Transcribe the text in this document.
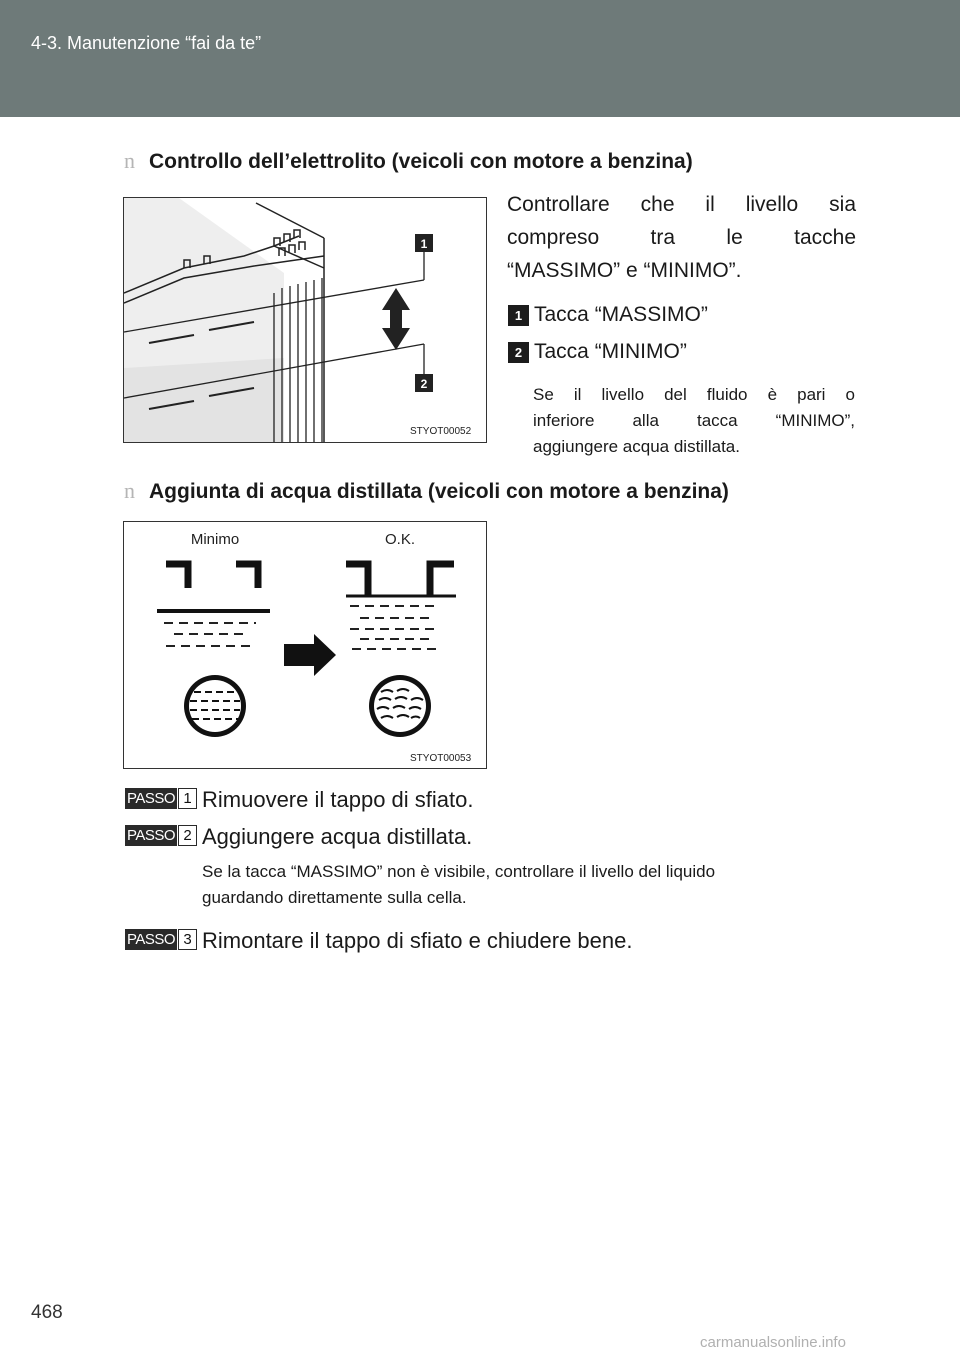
4-3. Manutenzione “fai da te”
n Controllo dell’elettrolito (veicoli con motore a benzina)
1
2
STYOT00052
Controllare che il livello sia
compreso tra le tacche
“MASSIMO” e “MINIMO”.
1 Tacca “MASSIMO”
2 Tacca “MINIMO”
Se il livello del fluido è pari o
inferiore alla tacca “MINIMO”,
aggiungere acqua distillata.
n Aggiunta di acqua distillata (veicoli con motore a benzina)
Minimo	O.K.
STYOT00053
PASSO 1 Rimuovere il tappo di sfiato.
PASSO 2 Aggiungere acqua distillata.
Se la tacca “MASSIMO” non è visibile, controllare il livello del liquido
guardando direttamente sulla cella.
PASSO 3 Rimontare il tappo di sfiato e chiudere bene.
468
carmanualsonline.info
